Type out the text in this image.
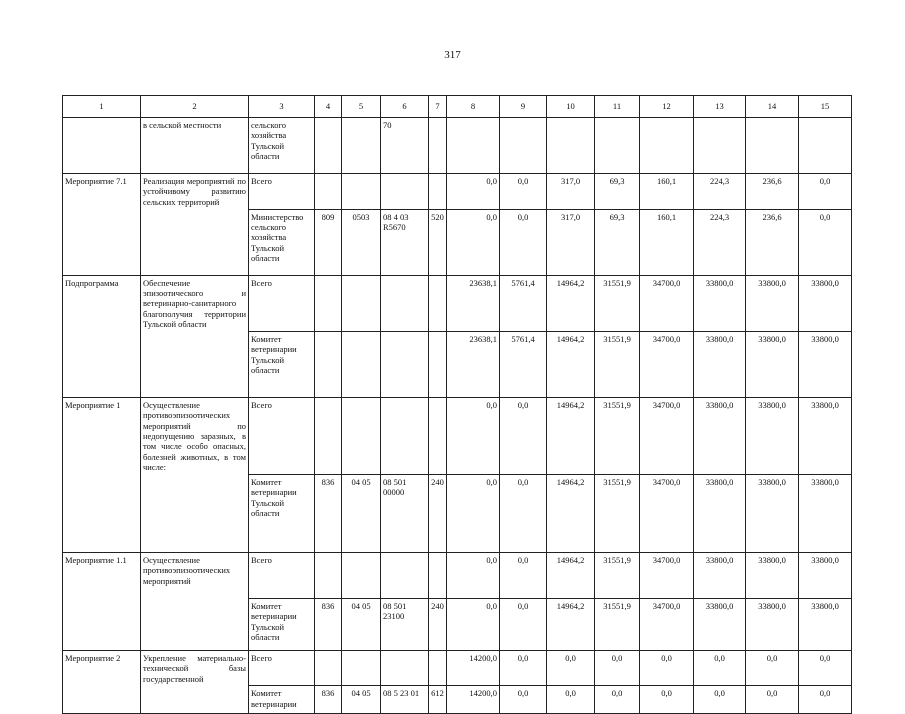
317
1	2	3	4	5	6	7	8	9	10	11	12	13	14	15
	в сельской местности	сельского хозяйства Тульской области			70									
Мероприятие 7.1	Реализация мероприятий по устойчивому развитию сельских территорий	Всего					0,0	0,0	317,0	69,3	160,1	224,3	236,6	0,0
		Министерство сельского хозяйства Тульской области	809	0503	08 4 03 R5670	520	0,0	0,0	317,0	69,3	160,1	224,3	236,6	0,0
Подпрограмма	Обеспечение эпизоотического и ветеринарно-санитарного благополучия территории Тульской области	Всего					23638,1	5761,4	14964,2	31551,9	34700,0	33800,0	33800,0	33800,0
		Комитет ветеринарии Тульской области					23638,1	5761,4	14964,2	31551,9	34700,0	33800,0	33800,0	33800,0
Мероприятие 1	Осуществление противоэпизоотических мероприятий по недопущению заразных, в том числе особо опасных, болезней животных, в том числе:	Всего					0,0	0,0	14964,2	31551,9	34700,0	33800,0	33800,0	33800,0
		Комитет ветеринарии Тульской области	836	04 05	08 501 00000	240	0,0	0,0	14964,2	31551,9	34700,0	33800,0	33800,0	33800,0
Мероприятие 1.1	Осуществление противоэпизоотических мероприятий	Всего					0,0	0,0	14964,2	31551,9	34700,0	33800,0	33800,0	33800,0
		Комитет ветеринарии Тульской области	836	04 05	08 501 23100	240	0,0	0,0	14964,2	31551,9	34700,0	33800,0	33800,0	33800,0
Мероприятие 2	Укрепление материально-технической базы государственной	Всего					14200,0	0,0	0,0	0,0	0,0	0,0	0,0	0,0
		Комитет ветеринарии	836	04 05	08 5 23 01	612	14200,0	0,0	0,0	0,0	0,0	0,0	0,0	0,0
